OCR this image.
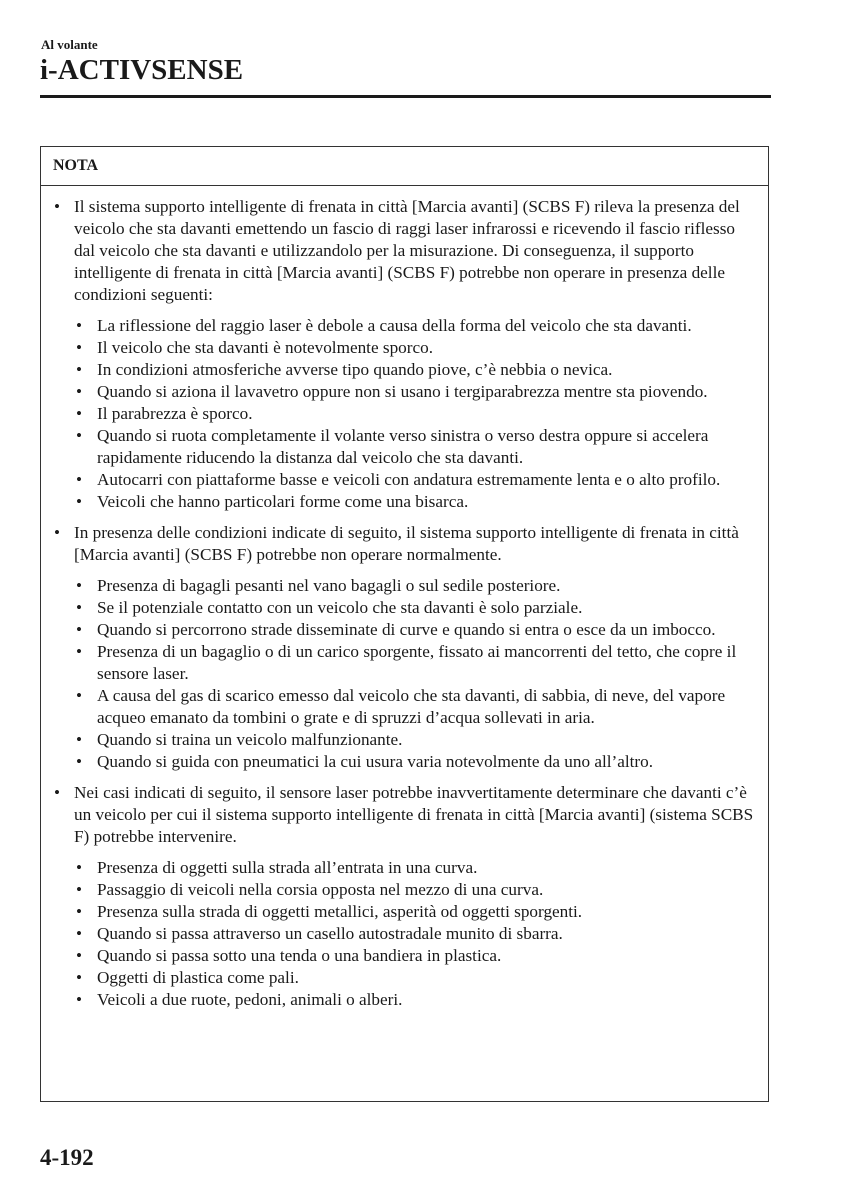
Al volante
i-ACTIVSENSE
NOTA
• Il sistema supporto intelligente di frenata in città [Marcia avanti] (SCBS F) rileva la presenza del veicolo che sta davanti emettendo un fascio di raggi laser infrarossi e ricevendo il fascio riflesso dal veicolo che sta davanti e utilizzandolo per la misurazione. Di conseguenza, il supporto intelligente di frenata in città [Marcia avanti] (SCBS F) potrebbe non operare in presenza delle condizioni seguenti:
• La riflessione del raggio laser è debole a causa della forma del veicolo che sta davanti.
• Il veicolo che sta davanti è notevolmente sporco.
• In condizioni atmosferiche avverse tipo quando piove, c’è nebbia o nevica.
• Quando si aziona il lavavetro oppure non si usano i tergiparabrezza mentre sta piovendo.
• Il parabrezza è sporco.
• Quando si ruota completamente il volante verso sinistra o verso destra oppure si accelera rapidamente riducendo la distanza dal veicolo che sta davanti.
• Autocarri con piattaforme basse e veicoli con andatura estremamente lenta e o alto profilo.
• Veicoli che hanno particolari forme come una bisarca.
• In presenza delle condizioni indicate di seguito, il sistema supporto intelligente di frenata in città [Marcia avanti] (SCBS F) potrebbe non operare normalmente.
• Presenza di bagagli pesanti nel vano bagagli o sul sedile posteriore.
• Se il potenziale contatto con un veicolo che sta davanti è solo parziale.
• Quando si percorrono strade disseminate di curve e quando si entra o esce da un imbocco.
• Presenza di un bagaglio o di un carico sporgente, fissato ai mancorrenti del tetto, che copre il sensore laser.
• A causa del gas di scarico emesso dal veicolo che sta davanti, di sabbia, di neve, del vapore acqueo emanato da tombini o grate e di spruzzi d’acqua sollevati in aria.
• Quando si traina un veicolo malfunzionante.
• Quando si guida con pneumatici la cui usura varia notevolmente da uno all’altro.
• Nei casi indicati di seguito, il sensore laser potrebbe inavvertitamente determinare che davanti c’è un veicolo per cui il sistema supporto intelligente di frenata in città [Marcia avanti] (sistema SCBS F) potrebbe intervenire.
• Presenza di oggetti sulla strada all’entrata in una curva.
• Passaggio di veicoli nella corsia opposta nel mezzo di una curva.
• Presenza sulla strada di oggetti metallici, asperità od oggetti sporgenti.
• Quando si passa attraverso un casello autostradale munito di sbarra.
• Quando si passa sotto una tenda o una bandiera in plastica.
• Oggetti di plastica come pali.
• Veicoli a due ruote, pedoni, animali o alberi.
4-192
